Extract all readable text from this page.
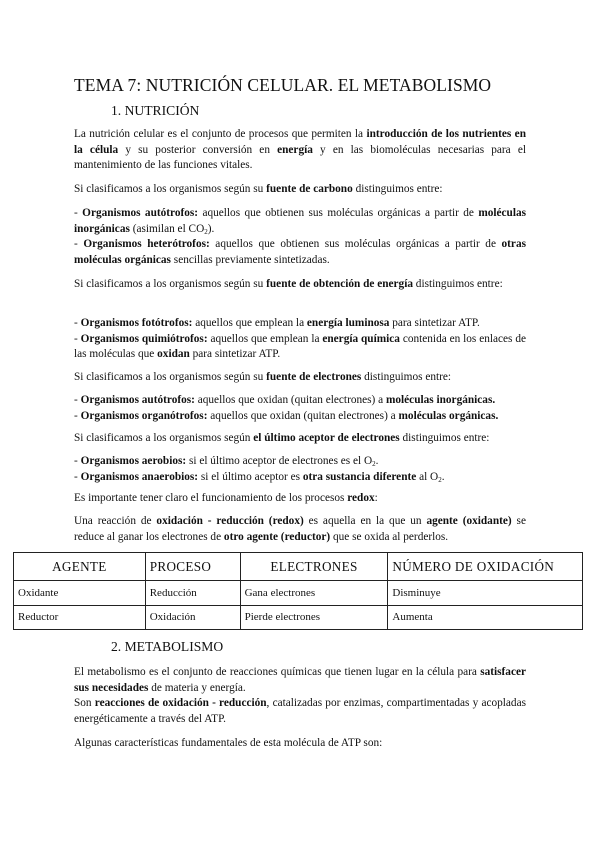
TEMA 7: NUTRICIÓN CELULAR. EL METABOLISMO
1. NUTRICIÓN
La nutrición celular es el conjunto de procesos que permiten la introducción de los nutrientes en la célula y su posterior conversión en energía y en las biomoléculas necesarias para el mantenimiento de las funciones vitales.
Si clasificamos a los organismos según su fuente de carbono distinguimos entre:
- Organismos autótrofos: aquellos que obtienen sus moléculas orgánicas a partir de moléculas inorgánicas (asimilan el $CO_2$).
- Organismos heterótrofos: aquellos que obtienen sus moléculas orgánicas a partir de otras moléculas orgánicas sencillas previamente sintetizadas.
Si clasificamos a los organismos según su fuente de obtención de energía distinguimos entre:
- Organismos fotótrofos: aquellos que emplean la energía luminosa para sintetizar ATP.
- Organismos quimiótrofos: aquellos que emplean la energía química contenida en los enlaces de las moléculas que oxidan para sintetizar ATP.
Si clasificamos a los organismos según su fuente de electrones distinguimos entre:
- Organismos autótrofos: aquellos que oxidan (quitan electrones) a moléculas inorgánicas.
- Organismos organótrofos: aquellos que oxidan (quitan electrones) a moléculas orgánicas.
Si clasificamos a los organismos según el último aceptor de electrones distinguimos entre:
- Organismos aerobios: si el último aceptor de electrones es el $O_2$.
- Organismos anaerobios: si el último aceptor es otra sustancia diferente al $O_2$.
Es importante tener claro el funcionamiento de los procesos redox:
Una reacción de oxidación - reducción (redox) es aquella en la que un agente (oxidante) se reduce al ganar los electrones de otro agente (reductor) que se oxida al perderlos.
AGENTE	PROCESO	ELECTRONES	NÚMERO DE OXIDACIÓN
Oxidante	Reducción	Gana electrones	Disminuye
Reductor	Oxidación	Pierde electrones	Aumenta
2. METABOLISMO
El metabolismo es el conjunto de reacciones químicas que tienen lugar en la célula para satisfacer sus necesidades de materia y energía.
Son reacciones de oxidación - reducción, catalizadas por enzimas, compartimentadas y acopladas energéticamente a través del ATP.
Algunas características fundamentales de esta molécula de ATP son:
